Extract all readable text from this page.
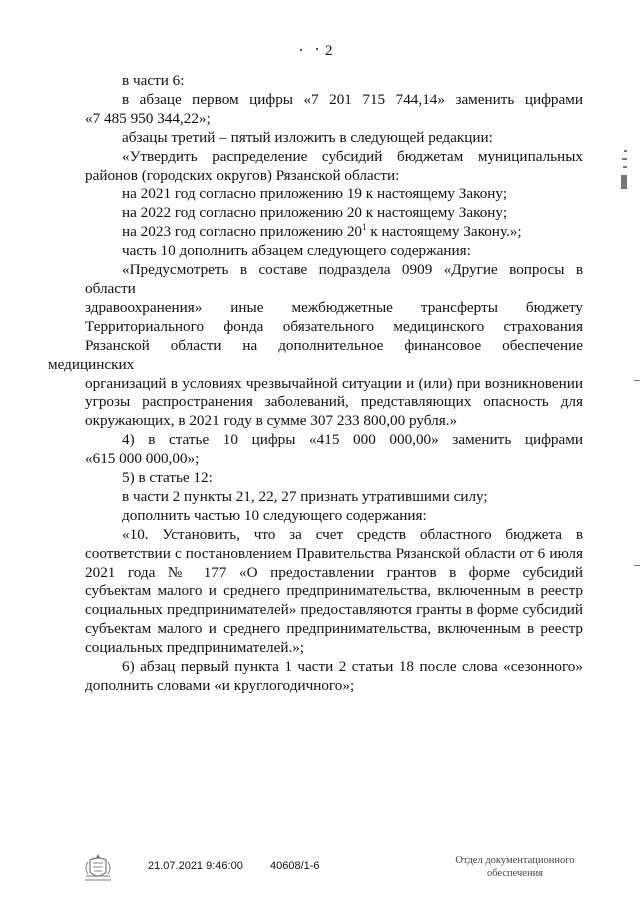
2

в части 6:

в абзаце первом цифры «7 201 715 744,14» заменить цифрами
«7 485 950 344,22»;

абзацы третий – пятый изложить в следующей редакции:

«Утвердить распределение субсидий бюджетам муниципальных
районов (городских округов) Рязанской области:

на 2021 год согласно приложению 19 к настоящему Закону;

на 2022 год согласно приложению 20 к настоящему Закону;

на 2023 год согласно приложению $20^1$ к настоящему Закону.»;

часть 10 дополнить абзацем следующего содержания:

«Предусмотреть в составе подраздела 0909 «Другие вопросы в области
здравоохранения» иные межбюджетные трансферты бюджету
Территориального фонда обязательного медицинского страхования
Рязанской области на дополнительное финансовое обеспечение медицинских
организаций в условиях чрезвычайной ситуации и (или) при возникновении
угрозы распространения заболеваний, представляющих опасность для
окружающих, в 2021 году в сумме 307 233 800,00 рубля.»

4) в статье 10 цифры «415 000 000,00» заменить цифрами
«615 000 000,00»;

5) в статье 12:

в части 2 пункты 21, 22, 27 признать утратившими силу;

дополнить частью 10 следующего содержания:

«10. Установить, что за счет средств областного бюджета в
соответствии с постановлением Правительства Рязанской области от 6 июля
2021 года № 177 «О предоставлении грантов в форме субсидий
субъектам малого и среднего предпринимательства, включенным в реестр
социальных предпринимателей» предоставляются гранты в форме субсидий
субъектам малого и среднего предпринимательства, включенным в реестр
социальных предпринимателей.»;

6) абзац первый пункта 1 части 2 статьи 18 после слова «сезонного»
дополнить словами «и круглогодичного»;

21.07.2021 9:46:00 40608/1-6	Отдел документационного
обеспечения
